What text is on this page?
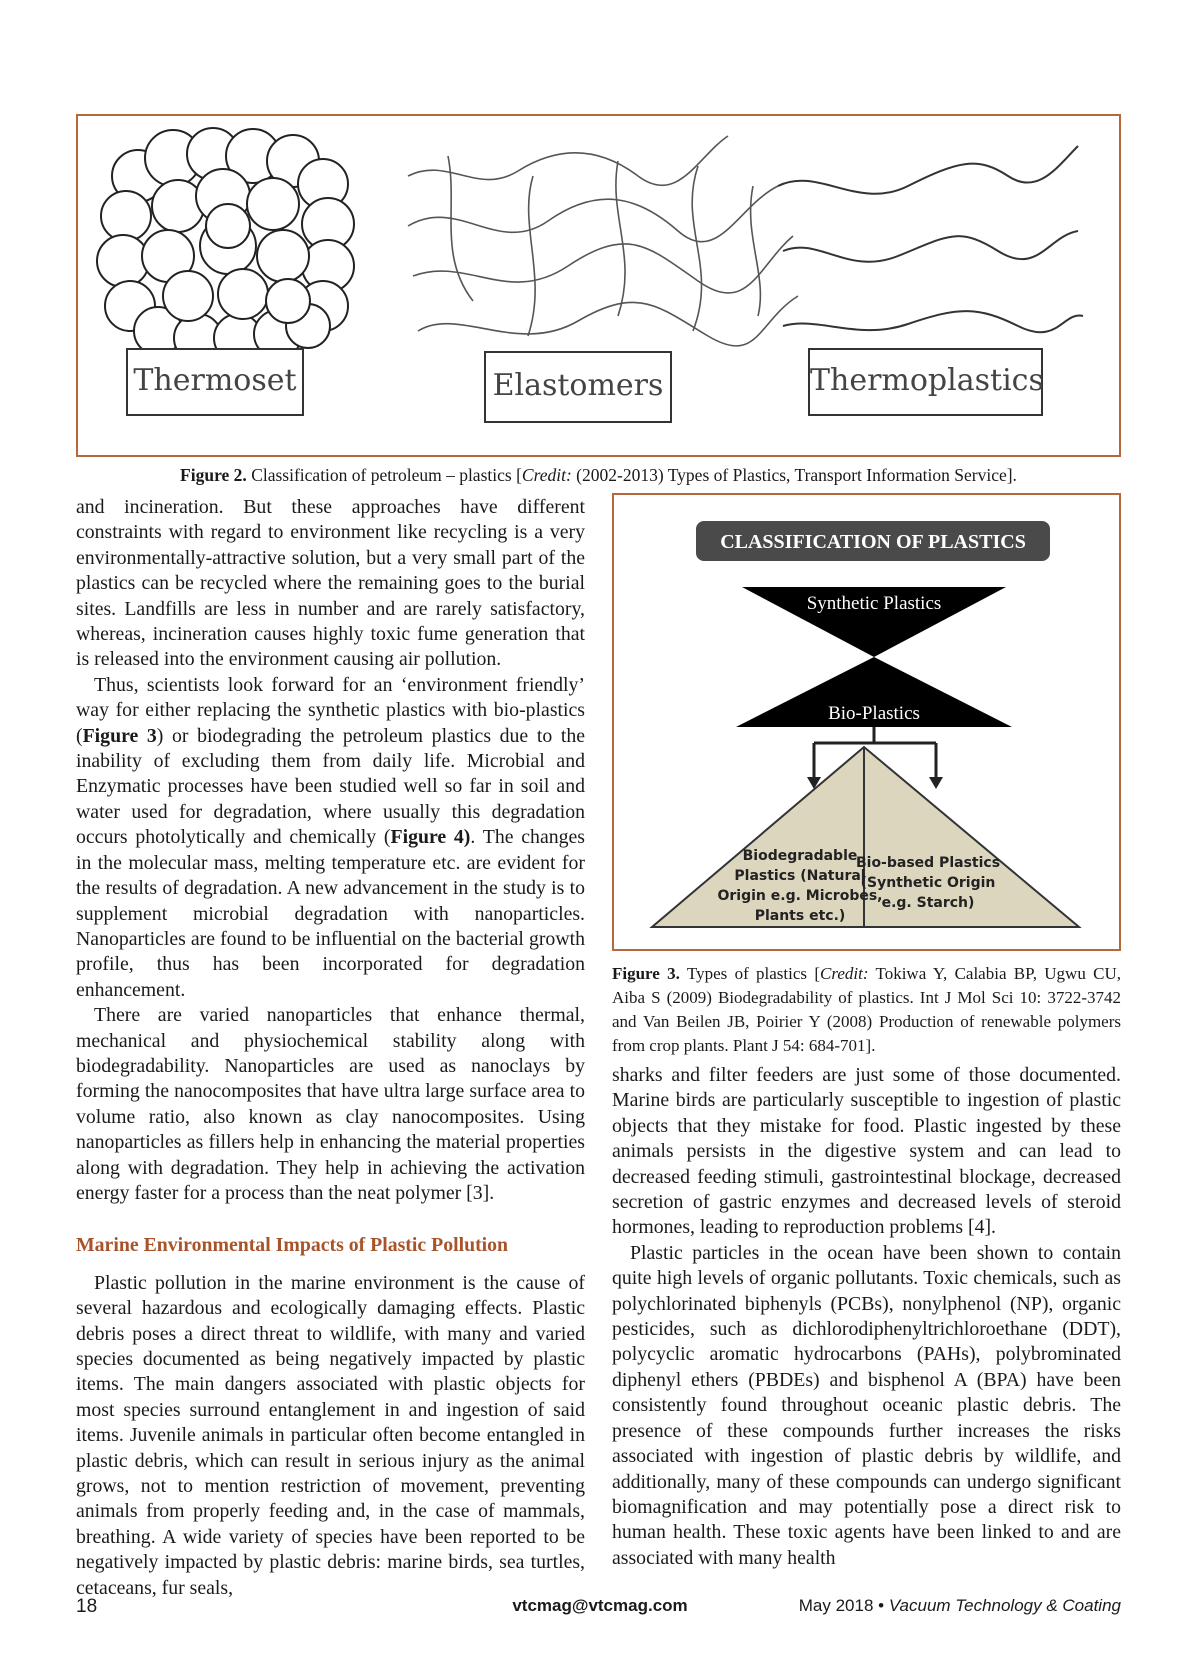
Thermoset	Elastomers	Thermoplastics
Figure 2. Classification of petroleum – plastics [Credit: (2002-2013) Types of Plastics, Transport Information Service].

and incineration. But these approaches have different constraints with regard to environment like recycling is a very environmentally-attractive solution, but a very small part of the plastics can be recycled where the remaining goes to the burial sites. Landfills are less in number and are rarely satisfactory, whereas, incineration causes highly toxic fume generation that is released into the environment causing air pollution.

Thus, scientists look forward for an ‘environment friendly’ way for either replacing the synthetic plastics with bio-plastics (Figure 3) or biodegrading the petroleum plastics due to the inability of excluding them from daily life. Microbial and Enzymatic processes have been studied well so far in soil and water used for degradation, where usually this degradation occurs photolytically and chemically (Figure 4). The changes in the molecular mass, melting temperature etc. are evident for the results of degradation. A new advancement in the study is to supplement microbial degradation with nanoparticles. Nanoparticles are found to be influential on the bacterial growth profile, thus has been incorporated for degradation enhancement.

There are varied nanoparticles that enhance thermal, mechanical and physiochemical stability along with biodegradability. Nanoparticles are used as nanoclays by forming the nanocomposites that have ultra large surface area to volume ratio, also known as clay nanocomposites. Using nanoparticles as fillers help in enhancing the material properties along with degradation. They help in achieving the activation energy faster for a process than the neat polymer [3].

Marine Environmental Impacts of Plastic Pollution

Plastic pollution in the marine environment is the cause of several hazardous and ecologically damaging effects. Plastic debris poses a direct threat to wildlife, with many and varied species documented as being negatively impacted by plastic items. The main dangers associated with plastic objects for most species surround entanglement in and ingestion of said items. Juvenile animals in particular often become entangled in plastic debris, which can result in serious injury as the animal grows, not to mention restriction of movement, preventing animals from properly feeding and, in the case of mammals, breathing. A wide variety of species have been reported to be negatively impacted by plastic debris: marine birds, sea turtles, cetaceans, fur seals,

CLASSIFICATION OF PLASTICS
Synthetic Plastics
Bio-Plastics
Biodegradable
Plastics (Natural
Origin e.g. Microbes,
Plants etc.)
Bio-based Plastics
(Synthetic Origin
e.g. Starch)
Figure 3. Types of plastics [Credit: Tokiwa Y, Calabia BP, Ugwu CU, Aiba S (2009) Biodegradability of plastics. Int J Mol Sci 10: 3722-3742 and Van Beilen JB, Poirier Y (2008) Production of renewable polymers from crop plants. Plant J 54: 684-701].

sharks and filter feeders are just some of those documented. Marine birds are particularly susceptible to ingestion of plastic objects that they mistake for food. Plastic ingested by these animals persists in the digestive system and can lead to decreased feeding stimuli, gastrointestinal blockage, decreased secretion of gastric enzymes and decreased levels of steroid hormones, leading to reproduction problems [4].

Plastic particles in the ocean have been shown to contain quite high levels of organic pollutants. Toxic chemicals, such as polychlorinated biphenyls (PCBs), nonylphenol (NP), organic pesticides, such as dichlorodiphenyltrichloroethane (DDT), polycyclic aromatic hydrocarbons (PAHs), polybrominated diphenyl ethers (PBDEs) and bisphenol A (BPA) have been consistently found throughout oceanic plastic debris. The presence of these compounds further increases the risks associated with ingestion of plastic debris by wildlife, and additionally, many of these compounds can undergo significant biomagnification and may potentially pose a direct risk to human health. These toxic agents have been linked to and are associated with many health

18	vtcmag@vtcmag.com	May 2018 • Vacuum Technology & Coating
